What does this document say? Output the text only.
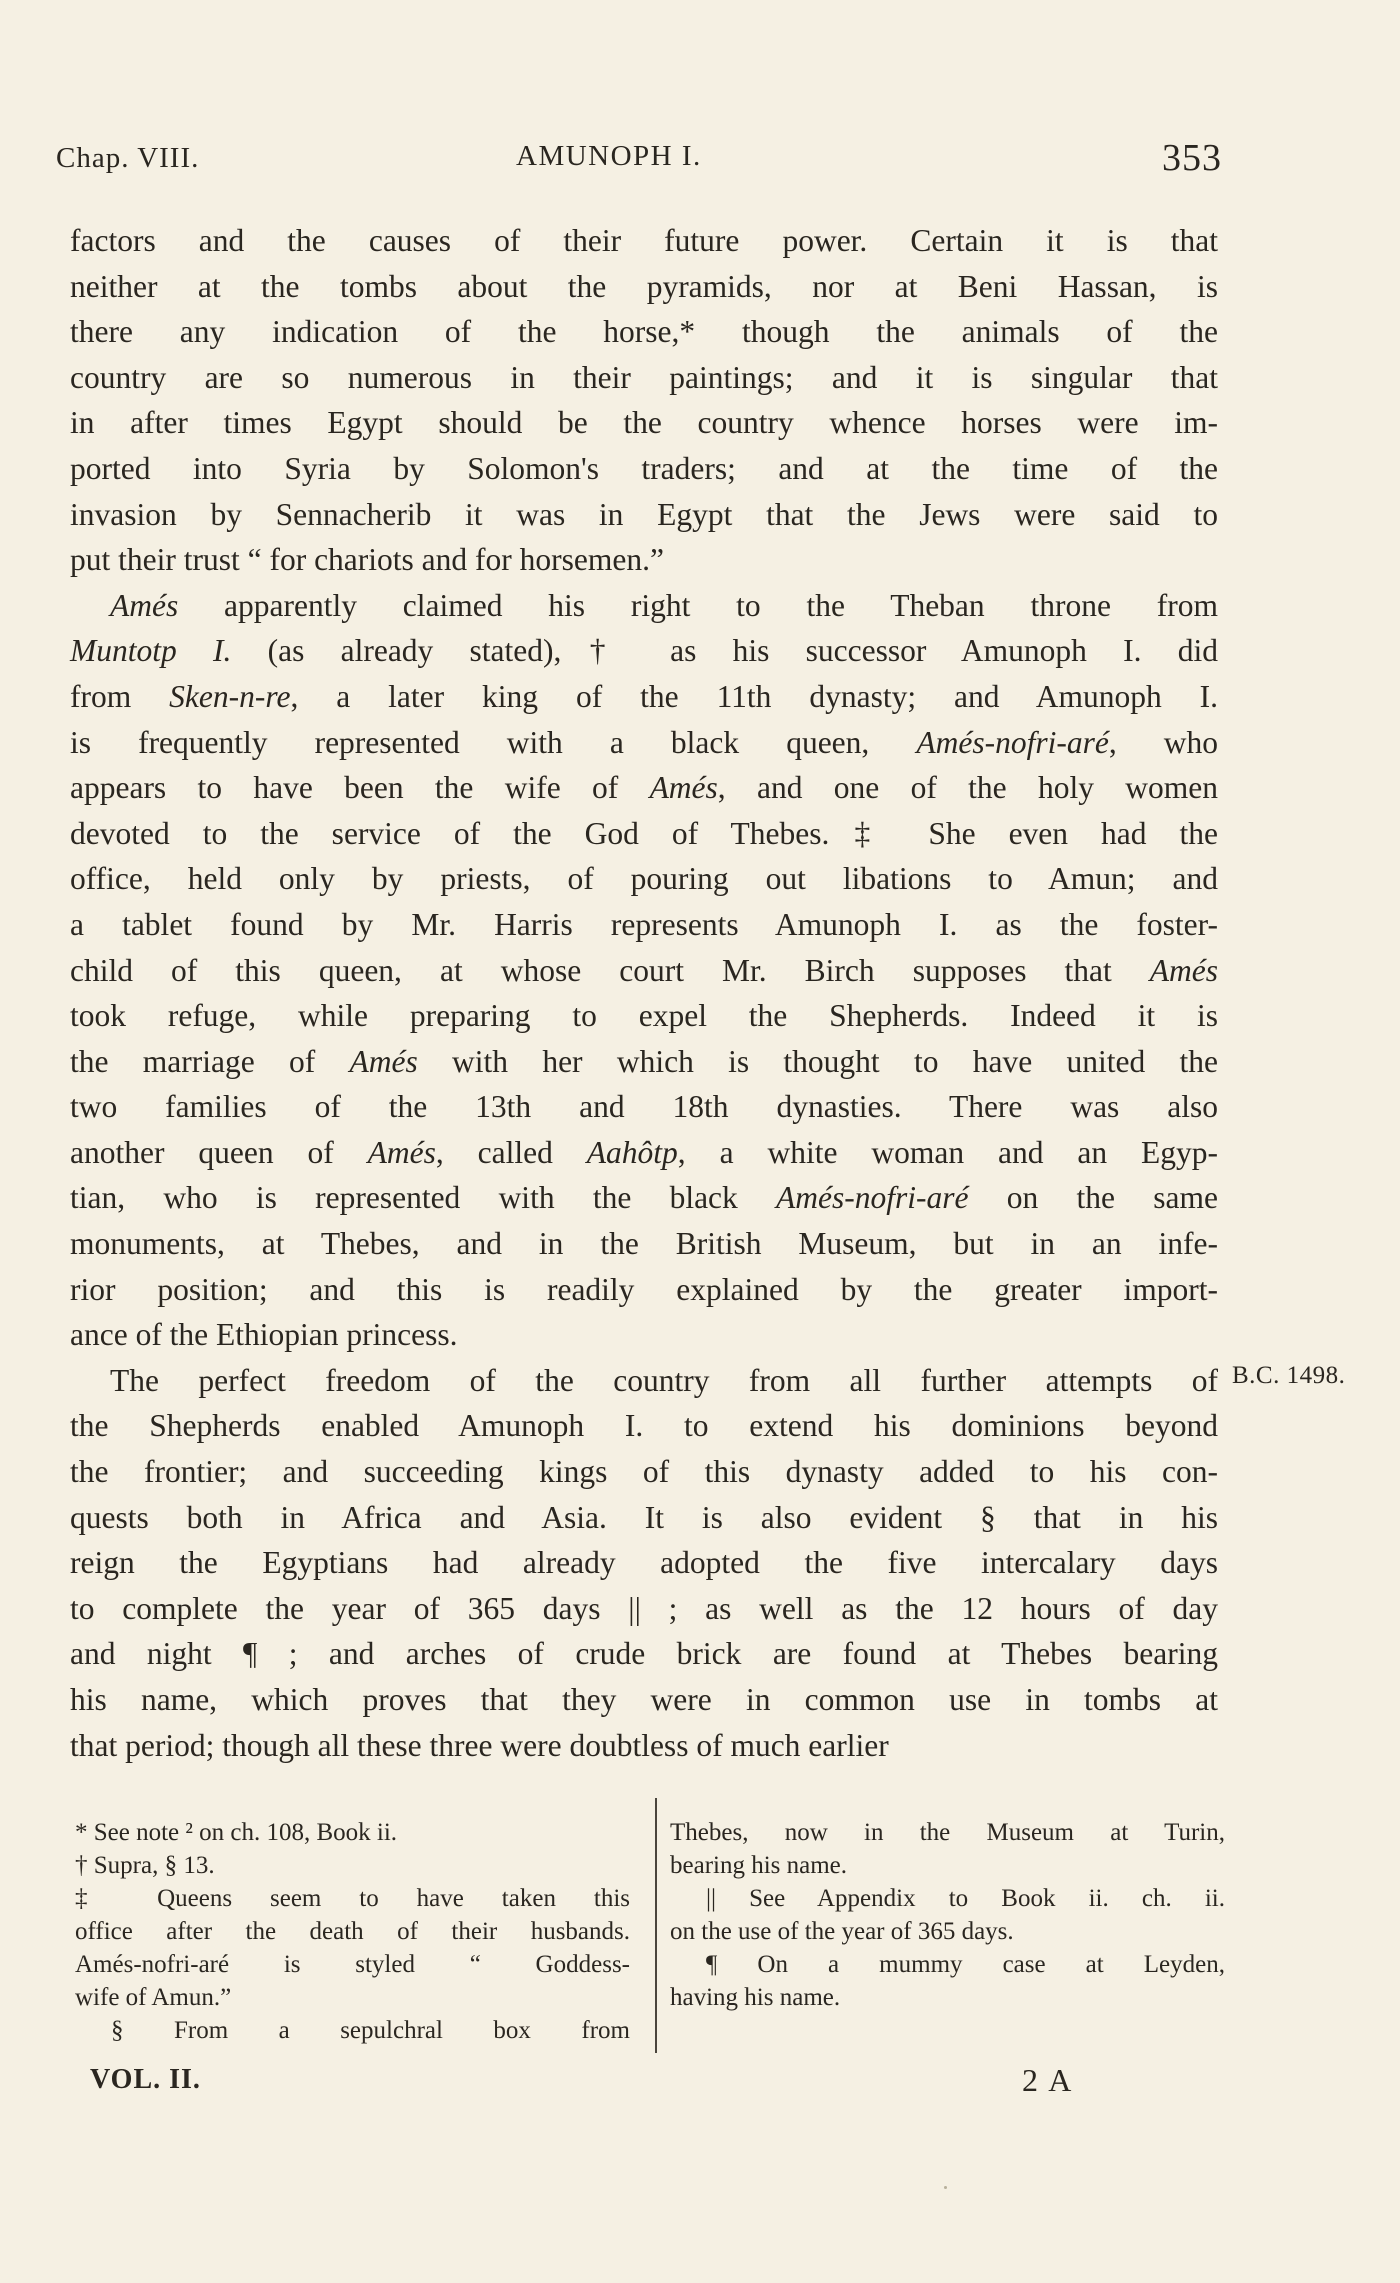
Chap. VIII.	AMUNOPH I.	353
factors and the causes of their future power. Certain it is that
neither at the tombs about the pyramids, nor at Beni Hassan, is
there any indication of the horse,* though the animals of the
country are so numerous in their paintings; and it is singular that
in after times Egypt should be the country whence horses were im-
ported into Syria by Solomon's traders; and at the time of the
invasion by Sennacherib it was in Egypt that the Jews were said to
put their trust “ for chariots and for horsemen.”
Amés apparently claimed his right to the Theban throne from
Muntotp I. (as already stated),† as his successor Amunoph I. did
from Sken-n-re, a later king of the 11th dynasty; and Amunoph I.
is frequently represented with a black queen, Amés-nofri-aré, who
appears to have been the wife of Amés, and one of the holy women
devoted to the service of the God of Thebes.‡ She even had the
office, held only by priests, of pouring out libations to Amun; and
a tablet found by Mr. Harris represents Amunoph I. as the foster-
child of this queen, at whose court Mr. Birch supposes that Amés
took refuge, while preparing to expel the Shepherds. Indeed it is
the marriage of Amés with her which is thought to have united the
two families of the 13th and 18th dynasties. There was also
another queen of Amés, called Aahôtp, a white woman and an Egyp-
tian, who is represented with the black Amés-nofri-aré on the same
monuments, at Thebes, and in the British Museum, but in an infe-
rior position; and this is readily explained by the greater import-
ance of the Ethiopian princess.
The perfect freedom of the country from all further attempts of
the Shepherds enabled Amunoph I. to extend his dominions beyond
the frontier; and succeeding kings of this dynasty added to his con-
quests both in Africa and Asia. It is also evident § that in his
reign the Egyptians had already adopted the five intercalary days
to complete the year of 365 days || ; as well as the 12 hours of day
and night ¶ ; and arches of crude brick are found at Thebes bearing
his name, which proves that they were in common use in tombs at
that period; though all these three were doubtless of much earlier
B.C. 1498.
* See note ² on ch. 108, Book ii.
† Supra, § 13.
‡ Queens seem to have taken this
office after the death of their husbands.
Amés-nofri-aré is styled “ Goddess-
wife of Amun.”
§ From a sepulchral box from
Thebes, now in the Museum at Turin,
bearing his name.
|| See Appendix to Book ii. ch. ii.
on the use of the year of 365 days.
¶ On a mummy case at Leyden,
having his name.
VOL. II.	2 A
